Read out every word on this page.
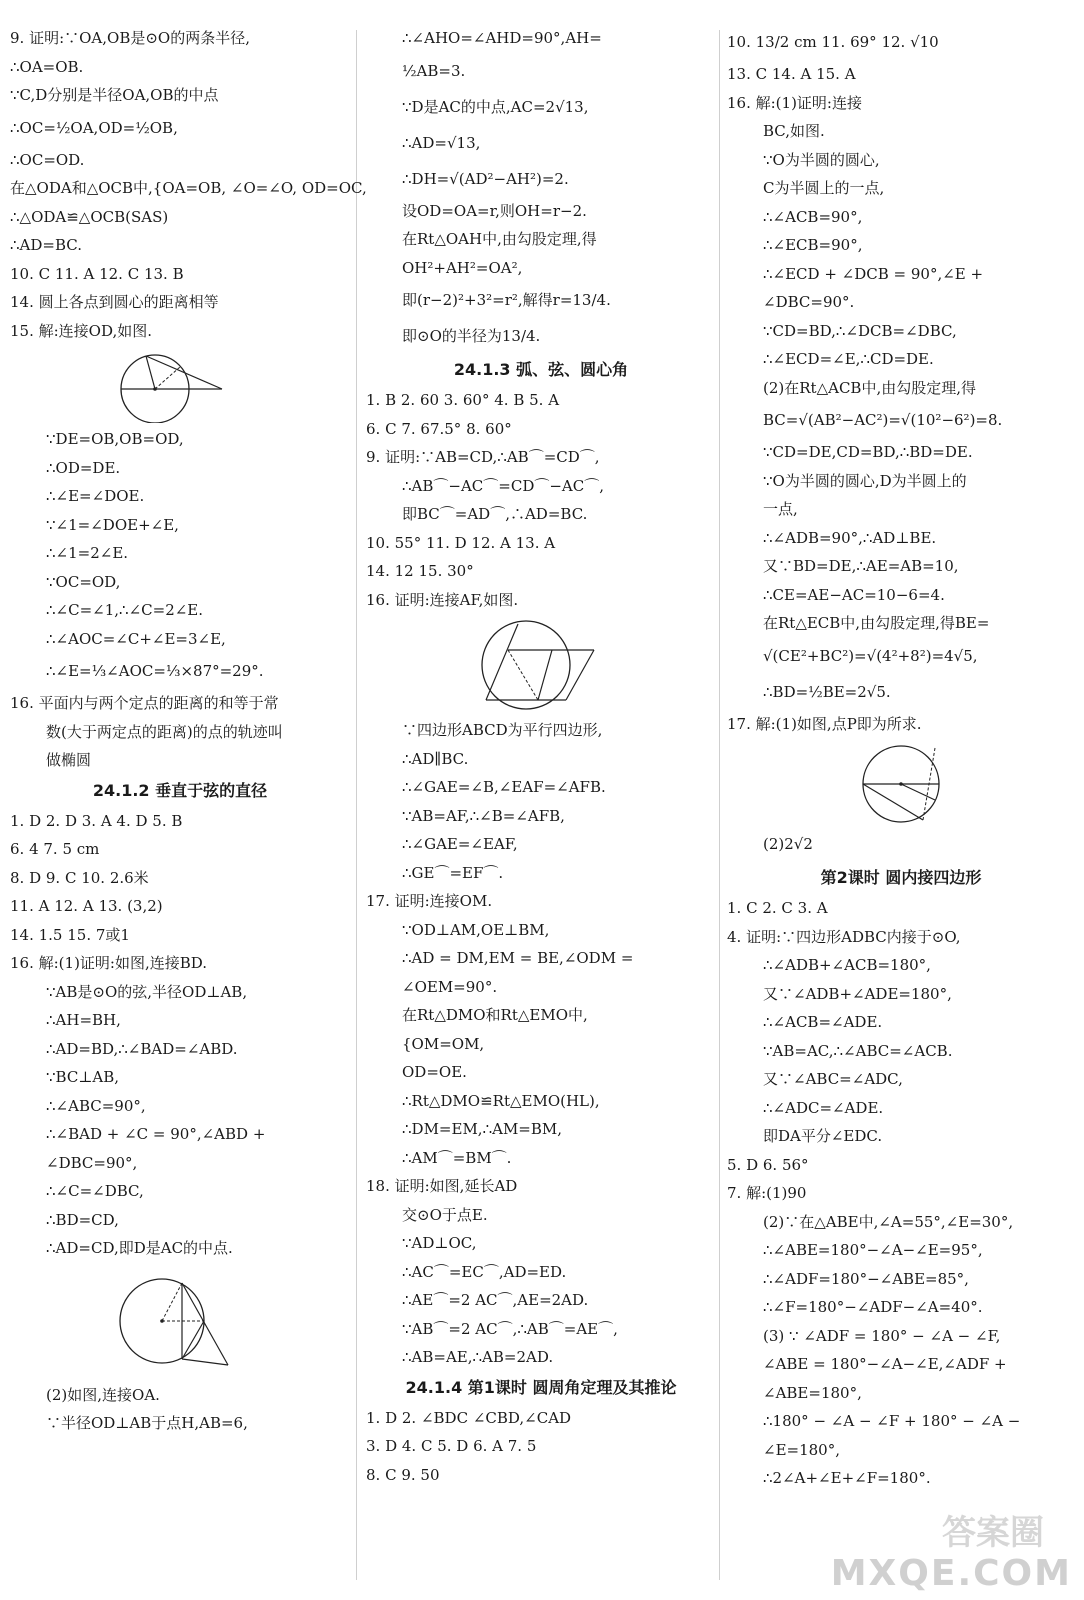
9. 证明:∵OA,OB是⊙O的两条半径,
∴OA=OB.
∵C,D分别是半径OA,OB的中点
∴OC=½OA,OD=½OB,
∴OC=OD.
在△ODA和△OCB中,{OA=OB, ∠O=∠O, OD=OC,
∴△ODA≌△OCB(SAS)
∴AD=BC.
10. C 11. A 12. C 13. B
14. 圆上各点到圆心的距离相等
15. 解:连接OD,如图.
∵DE=OB,OB=OD,
∴OD=DE.
∴∠E=∠DOE.
∵∠1=∠DOE+∠E,
∴∠1=2∠E.
∵OC=OD,
∴∠C=∠1,∴∠C=2∠E.
∴∠AOC=∠C+∠E=3∠E,
∴∠E=⅓∠AOC=⅓×87°=29°.
16. 平面内与两个定点的距离的和等于常
数(大于两定点的距离)的点的轨迹叫
做椭圆
24.1.2 垂直于弦的直径
1. D 2. D 3. A 4. D 5. B
6. 4 7. 5 cm
8. D 9. C 10. 2.6米
11. A 12. A 13. (3,2)
14. 1.5 15. 7或1
16. 解:(1)证明:如图,连接BD.
∵AB是⊙O的弦,半径OD⊥AB,
∴AH=BH,
∴AD=BD,∴∠BAD=∠ABD.
∵BC⊥AB,
∴∠ABC=90°,
∴∠BAD + ∠C = 90°,∠ABD +
∠DBC=90°,
∴∠C=∠DBC,
∴BD=CD,
∴AD=CD,即D是AC的中点.
(2)如图,连接OA.
∵半径OD⊥AB于点H,AB=6,
∴∠AHO=∠AHD=90°,AH=
½AB=3.
∵D是AC的中点,AC=2√13,
∴AD=√13,
∴DH=√(AD²−AH²)=2.
设OD=OA=r,则OH=r−2.
在Rt△OAH中,由勾股定理,得
OH²+AH²=OA²,
即(r−2)²+3²=r²,解得r=13/4.
即⊙O的半径为13/4.
24.1.3 弧、弦、圆心角
1. B 2. 60 3. 60° 4. B 5. A
6. C 7. 67.5° 8. 60°
9. 证明:∵AB=CD,∴AB⌒=CD⌒,
∴AB⌒−AC⌒=CD⌒−AC⌒,
即BC⌒=AD⌒,∴AD=BC.
10. 55° 11. D 12. A 13. A
14. 12 15. 30°
16. 证明:连接AF,如图.
∵四边形ABCD为平行四边形,
∴AD∥BC.
∴∠GAE=∠B,∠EAF=∠AFB.
∵AB=AF,∴∠B=∠AFB,
∴∠GAE=∠EAF,
∴GE⌒=EF⌒.
17. 证明:连接OM.
∵OD⊥AM,OE⊥BM,
∴AD = DM,EM = BE,∠ODM =
∠OEM=90°.
在Rt△DMO和Rt△EMO中,
{OM=OM,
OD=OE.
∴Rt△DMO≌Rt△EMO(HL),
∴DM=EM,∴AM=BM,
∴AM⌒=BM⌒.
18. 证明:如图,延长AD
交⊙O于点E.
∵AD⊥OC,
∴AC⌒=EC⌒,AD=ED.
∴AE⌒=2 AC⌒,AE=2AD.
∵AB⌒=2 AC⌒,∴AB⌒=AE⌒,
∴AB=AE,∴AB=2AD.
24.1.4 第1课时 圆周角定理及其推论
1. D 2. ∠BDC ∠CBD,∠CAD
3. D 4. C 5. D 6. A 7. 5
8. C 9. 50
10. 13/2 cm 11. 69° 12. √10
13. C 14. A 15. A
16. 解:(1)证明:连接
BC,如图.
∵O为半圆的圆心,
C为半圆上的一点,
∴∠ACB=90°,
∴∠ECB=90°,
∴∠ECD + ∠DCB = 90°,∠E +
∠DBC=90°.
∵CD=BD,∴∠DCB=∠DBC,
∴∠ECD=∠E,∴CD=DE.
(2)在Rt△ACB中,由勾股定理,得
BC=√(AB²−AC²)=√(10²−6²)=8.
∵CD=DE,CD=BD,∴BD=DE.
∵O为半圆的圆心,D为半圆上的
一点,
∴∠ADB=90°,∴AD⊥BE.
又∵BD=DE,∴AE=AB=10,
∴CE=AE−AC=10−6=4.
在Rt△ECB中,由勾股定理,得BE=
√(CE²+BC²)=√(4²+8²)=4√5,
∴BD=½BE=2√5.
17. 解:(1)如图,点P即为所求.
(2)2√2
第2课时 圆内接四边形
1. C 2. C 3. A
4. 证明:∵四边形ADBC内接于⊙O,
∴∠ADB+∠ACB=180°,
又∵∠ADB+∠ADE=180°,
∴∠ACB=∠ADE.
∵AB=AC,∴∠ABC=∠ACB.
又∵∠ABC=∠ADC,
∴∠ADC=∠ADE.
即DA平分∠EDC.
5. D 6. 56°
7. 解:(1)90
(2)∵在△ABE中,∠A=55°,∠E=30°,
∴∠ABE=180°−∠A−∠E=95°,
∴∠ADF=180°−∠ABE=85°,
∴∠F=180°−∠ADF−∠A=40°.
(3) ∵ ∠ADF = 180° − ∠A − ∠F,
∠ABE = 180°−∠A−∠E,∠ADF +
∠ABE=180°,
∴180° − ∠A − ∠F + 180° − ∠A −
∠E=180°,
∴2∠A+∠E+∠F=180°.
答案圈
MXQE.COM
